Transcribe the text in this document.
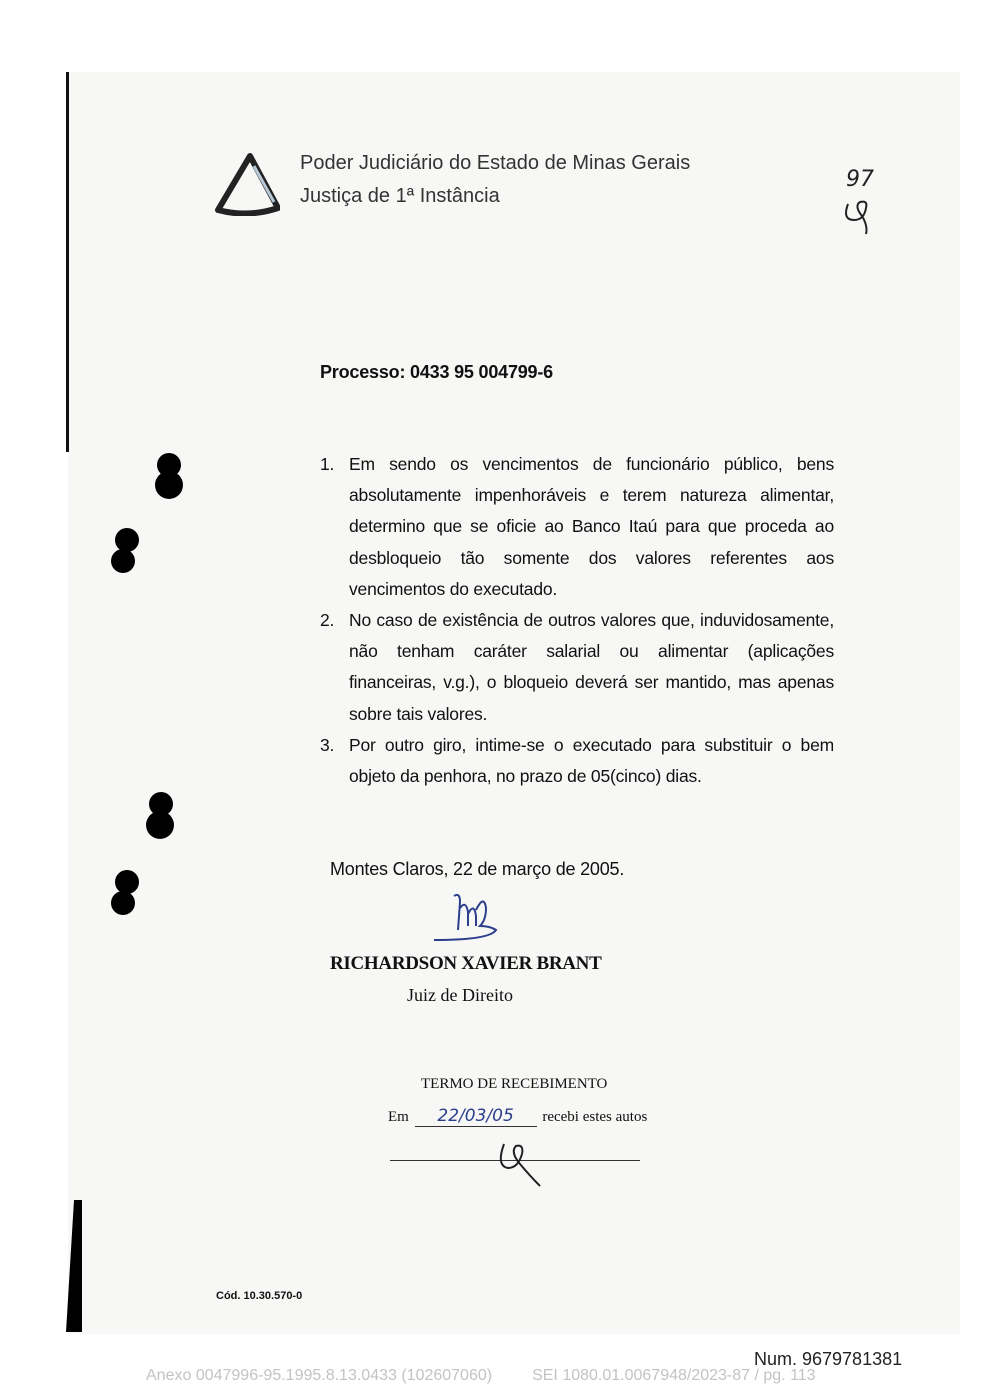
Poder Judiciário do Estado de Minas Gerais
Justiça de 1ª Instância
97
Processo: 0433 95 004799-6
1. Em sendo os vencimentos de funcionário público, bens absolutamente impenhoráveis e terem natureza alimentar, determino que se oficie ao Banco Itaú para que proceda ao desbloqueio tão somente dos valores referentes aos vencimentos do executado.
2. No caso de existência de outros valores que, induvidosamente, não tenham caráter salarial ou alimentar (aplicações financeiras, v.g.), o bloqueio deverá ser mantido, mas apenas sobre tais valores.
3. Por outro giro, intime-se o executado para substituir o bem objeto da penhora, no prazo de 05(cinco) dias.
Montes Claros, 22 de março de 2005.
RICHARDSON XAVIER BRANT
Juiz de Direito
TERMO DE RECEBIMENTO
Em 22/03/05 recebi estes autos
Cód. 10.30.570-0
Num. 9679781381
Anexo 0047996-95.1995.8.13.0433 (102607060)	SEI 1080.01.0067948/2023-87 / pg. 113
